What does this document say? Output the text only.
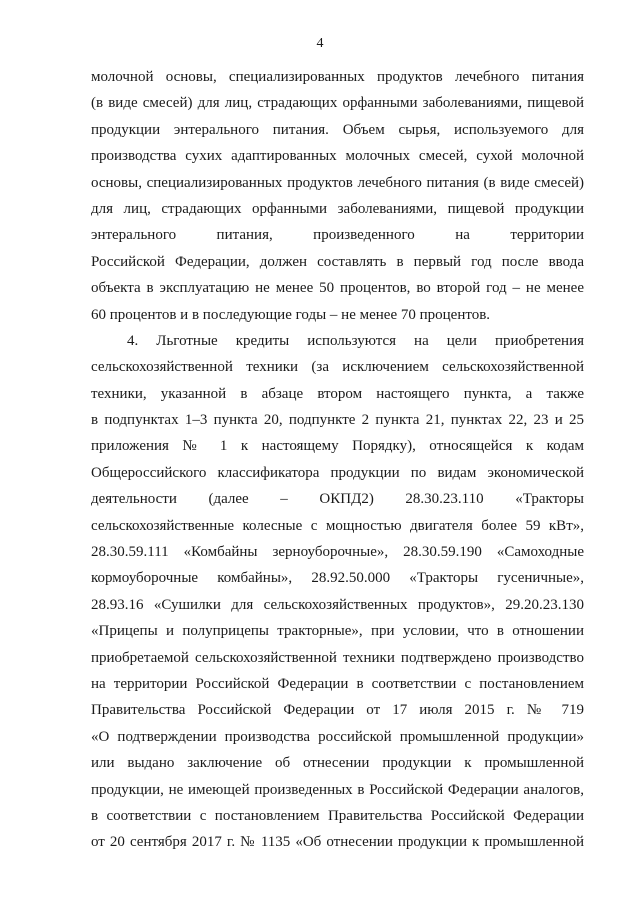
4
молочной основы, специализированных продуктов лечебного питания
(в виде смесей) для лиц, страдающих орфанными заболеваниями, пищевой
продукции энтерального питания. Объем сырья, используемого для
производства сухих адаптированных молочных смесей, сухой молочной
основы, специализированных продуктов лечебного питания (в виде смесей)
для лиц, страдающих орфанными заболеваниями, пищевой продукции
энтерального питания, произведенного на территории
Российской Федерации, должен составлять в первый год после ввода
объекта в эксплуатацию не менее 50 процентов, во второй год – не менее
60 процентов и в последующие годы – не менее 70 процентов.
4. Льготные кредиты используются на цели приобретения
сельскохозяйственной техники (за исключением сельскохозяйственной
техники, указанной в абзаце втором настоящего пункта, а также
в подпунктах 1–3 пункта 20, подпункте 2 пункта 21, пунктах 22, 23 и 25
приложения № 1 к настоящему Порядку), относящейся к кодам
Общероссийского классификатора продукции по видам экономической
деятельности (далее – ОКПД2) 28.30.23.110 «Тракторы
сельскохозяйственные колесные с мощностью двигателя более 59 кВт»,
28.30.59.111 «Комбайны зерноуборочные», 28.30.59.190 «Самоходные
кормоуборочные комбайны», 28.92.50.000 «Тракторы гусеничные»,
28.93.16 «Сушилки для сельскохозяйственных продуктов», 29.20.23.130
«Прицепы и полуприцепы тракторные», при условии, что в отношении
приобретаемой сельскохозяйственной техники подтверждено производство
на территории Российской Федерации в соответствии с постановлением
Правительства Российской Федерации от 17 июля 2015 г. № 719
«О подтверждении производства российской промышленной продукции»
или выдано заключение об отнесении продукции к промышленной
продукции, не имеющей произведенных в Российской Федерации аналогов,
в соответствии с постановлением Правительства Российской Федерации
от 20 сентября 2017 г. № 1135 «Об отнесении продукции к промышленной
